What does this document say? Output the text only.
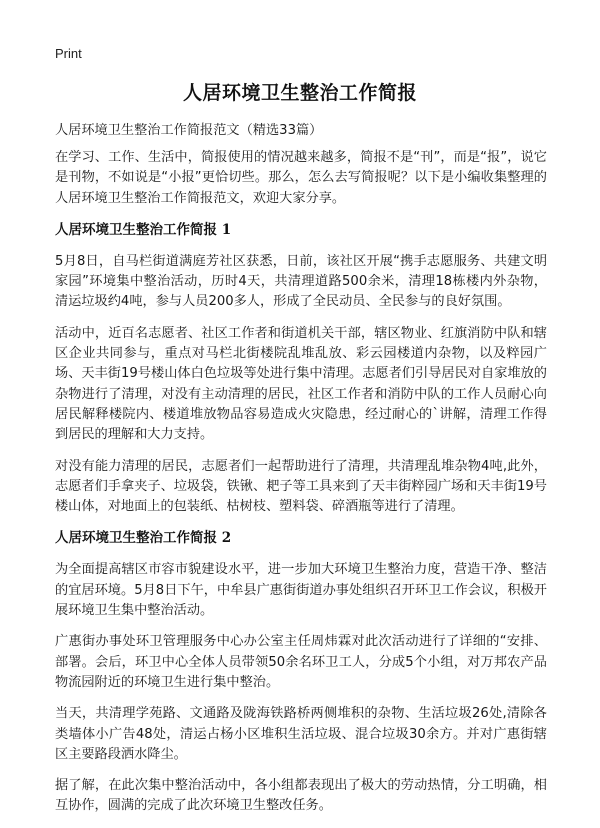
Print
人居环境卫生整治工作简报

人居环境卫生整治工作简报范文（精选33篇）

在学习、工作、生活中，简报使用的情况越来越多，简报不是“刊”，而是“报”，说它是刊物，不如说是“小报”更恰切些。那么，怎么去写简报呢？以下是小编收集整理的人居环境卫生整治工作简报范文，欢迎大家分享。

人居环境卫生整治工作简报 1

5月8日，自马栏街道满庭芳社区获悉，日前，该社区开展“携手志愿服务、共建文明家园”环境集中整治活动，历时4天，共清理道路500余米，清理18栋楼内外杂物，清运垃圾约4吨，参与人员200多人，形成了全民动员、全民参与的良好氛围。

活动中，近百名志愿者、社区工作者和街道机关干部，辖区物业、红旗消防中队和辖区企业共同参与，重点对马栏北街楼院乱堆乱放、彩云园楼道内杂物，以及粹园广场、天丰街19号楼山体白色垃圾等处进行集中清理。志愿者们引导居民对自家堆放的杂物进行了清理，对没有主动清理的居民，社区工作者和消防中队的工作人员耐心向居民解释楼院内、楼道堆放物品容易造成火灾隐患，经过耐心的`讲解，清理工作得到居民的理解和大力支持。

对没有能力清理的居民，志愿者们一起帮助进行了清理，共清理乱堆杂物4吨,此外，志愿者们手拿夹子、垃圾袋，铁锹、耙子等工具来到了天丰街粹园广场和天丰街19号楼山体，对地面上的包装纸、枯树枝、塑料袋、碎酒瓶等进行了清理。

人居环境卫生整治工作简报 2

为全面提高辖区市容市貌建设水平，进一步加大环境卫生整治力度，营造干净、整洁的宜居环境。5月8日下午，中牟县广惠街街道办事处组织召开环卫工作会议，积极开展环境卫生集中整治活动。

广惠街办事处环卫管理服务中心办公室主任周炜霖对此次活动进行了详细的“安排、部署。会后，环卫中心全体人员带领50余名环卫工人，分成5个小组，对万邦农产品物流园附近的环境卫生进行集中整治。

当天，共清理学苑路、文通路及陇海铁路桥两侧堆积的杂物、生活垃圾26处,清除各类墙体小广告48处，清运占杨小区堆积生活垃圾、混合垃圾30余方。并对广惠街辖区主要路段洒水降尘。

据了解，在此次集中整治活动中，各小组都表现出了极大的劳动热情，分工明确，相互协作，圆满的完成了此次环境卫生整改任务。
